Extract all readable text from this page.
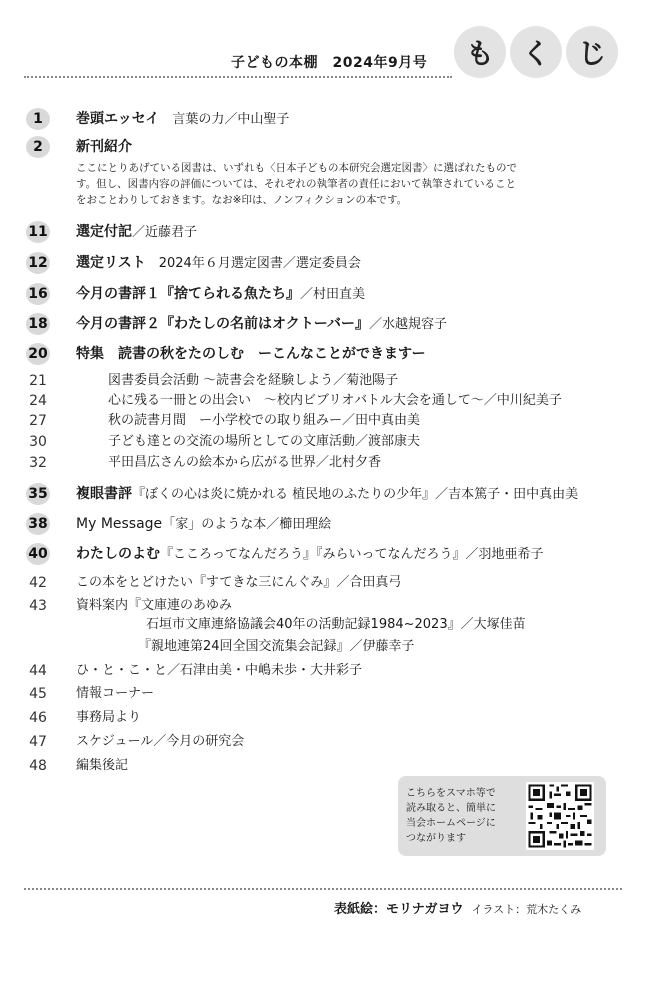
子どもの本棚　2024年9月号	も く じ
1	巻頭エッセイ　言葉の力／中山聖子
2	新刊紹介
ここにとりあげている図書は、いずれも〈日本子どもの本研究会選定図書〉に選ばれたもので
す。但し、図書内容の評価については、それぞれの執筆者の責任において執筆されていること
をおことわりしておきます。なお※印は、ノンフィクションの本です。
11 選定付記／近藤君子
12 選定リスト　2024年６月選定図書／選定委員会
16 今月の書評１『捨てられる魚たち』／村田直美
18 今月の書評２『わたしの名前はオクトーバー』／水越規容子
20 特集　読書の秋をたのしむ　ーこんなことができますー
21	図書委員会活動 〜読書会を経験しよう／菊池陽子
24	心に残る一冊との出会い　〜校内ビブリオバトル大会を通して〜／中川紀美子
27	秋の読書月間　ー小学校での取り組みー／田中真由美
30	子ども達との交流の場所としての文庫活動／渡部康夫
32	平田昌広さんの絵本から広がる世界／北村夕香
35 複眼書評『ぼくの心は炎に焼かれる 植民地のふたりの少年』／吉本篤子・田中真由美
38 My Message「家」のような本／櫛田理絵
40 わたしのよむ『こころってなんだろう』『みらいってなんだろう』／羽地亜希子
42 この本をとどけたい『すてきな三にんぐみ』／合田真弓
43 資料案内『文庫連のあゆみ
石垣市文庫連絡協議会40年の活動記録1984~2023』／大塚佳苗
『親地連第24回全国交流集会記録』／伊藤幸子
44 ひ・と・こ・と／石津由美・中嶋未歩・大井彩子
45 情報コーナー
46 事務局より
47 スケジュール／今月の研究会
48 編集後記
こちらをスマホ等で
読み取ると、簡単に
当会ホームページに
つながります
表紙絵：モリナガヨウ イラスト：荒木たくみ
